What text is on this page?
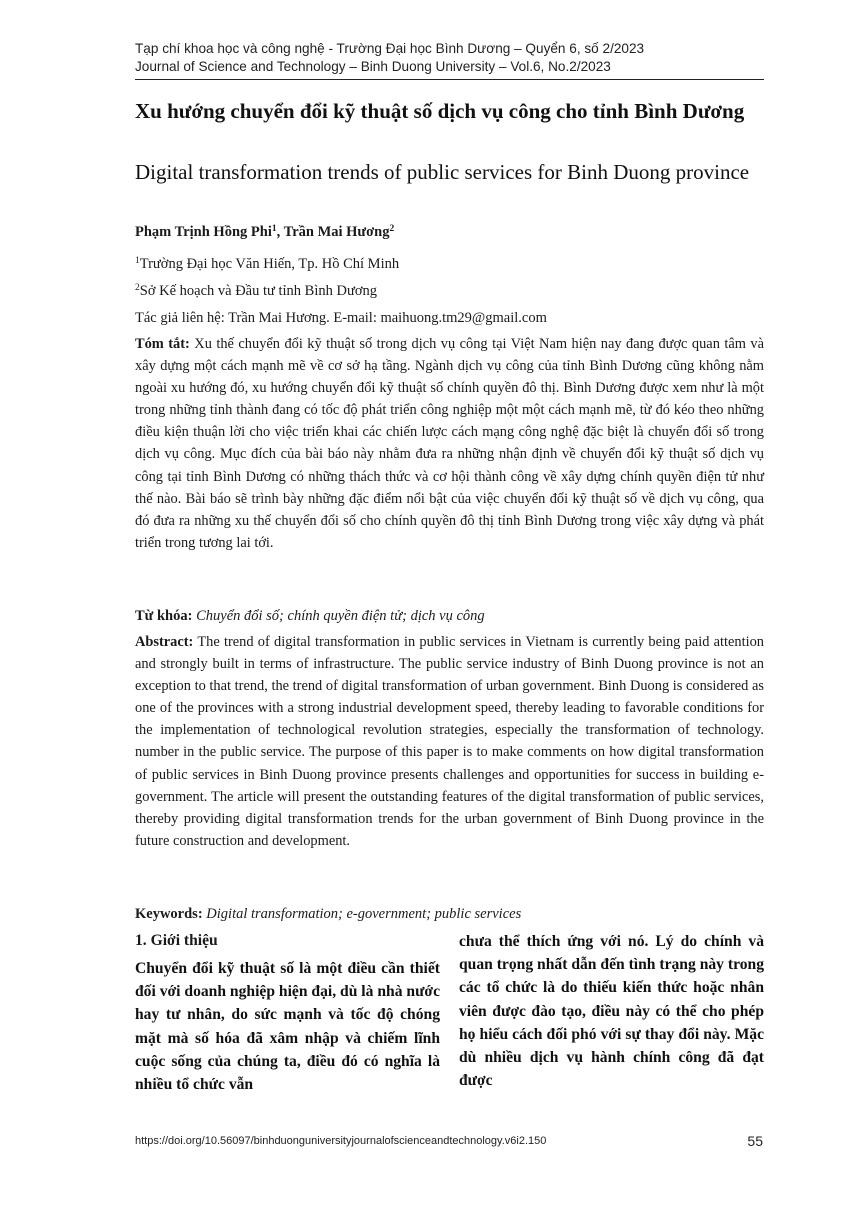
Tạp chí khoa học và công nghệ - Trường Đại học Bình Dương – Quyển 6, số 2/2023
Journal of Science and Technology – Binh Duong University – Vol.6, No.2/2023
Xu hướng chuyển đổi kỹ thuật số dịch vụ công cho tỉnh Bình Dương
Digital transformation trends of public services for Binh Duong province
Phạm Trịnh Hồng Phi$^1$, Trần Mai Hương$^2$
$^1$Trường Đại học Văn Hiến, Tp. Hồ Chí Minh
$^2$Sở Kế hoạch và Đầu tư tỉnh Bình Dương
Tác giả liên hệ: Trần Mai Hương. E-mail: maihuong.tm29@gmail.com
Tóm tắt: Xu thế chuyển đổi kỹ thuật số trong dịch vụ công tại Việt Nam hiện nay đang được quan tâm và xây dựng một cách mạnh mẽ về cơ sở hạ tầng. Ngành dịch vụ công của tỉnh Bình Dương cũng không nằm ngoài xu hướng đó, xu hướng chuyển đổi kỹ thuật số chính quyền đô thị. Bình Dương được xem như là một trong những tỉnh thành đang có tốc độ phát triển công nghiệp một một cách mạnh mẽ, từ đó kéo theo những điều kiện thuận lời cho việc triển khai các chiến lược cách mạng công nghệ đặc biệt là chuyển đổi số trong dịch vụ công. Mục đích của bài báo này nhằm đưa ra những nhận định về chuyển đổi kỹ thuật số dịch vụ công tại tỉnh Bình Dương có những thách thức và cơ hội thành công về xây dựng chính quyền điện tử như thế nào. Bài báo sẽ trình bày những đặc điểm nổi bật của việc chuyển đổi kỹ thuật số về dịch vụ công, qua đó đưa ra những xu thế chuyển đổi số cho chính quyền đô thị tỉnh Bình Dương trong việc xây dựng và phát triển trong tương lai tới.
Từ khóa: Chuyển đổi số; chính quyền điện tử; dịch vụ công
Abstract: The trend of digital transformation in public services in Vietnam is currently being paid attention and strongly built in terms of infrastructure. The public service industry of Binh Duong province is not an exception to that trend, the trend of digital transformation of urban government. Binh Duong is considered as one of the provinces with a strong industrial development speed, thereby leading to favorable conditions for the implementation of technological revolution strategies, especially the transformation of technology. number in the public service. The purpose of this paper is to make comments on how digital transformation of public services in Binh Duong province presents challenges and opportunities for success in building e-government. The article will present the outstanding features of the digital transformation of public services, thereby providing digital transformation trends for the urban government of Binh Duong province in the future construction and development.
Keywords: Digital transformation; e-government; public services
1. Giới thiệu
Chuyển đổi kỹ thuật số là một điều cần thiết đối với doanh nghiệp hiện đại, dù là nhà nước hay tư nhân, do sức mạnh và tốc độ chóng mặt mà số hóa đã xâm nhập và chiếm lĩnh cuộc sống của chúng ta, điều đó có nghĩa là nhiều tổ chức vẫn
chưa thể thích ứng với nó. Lý do chính và quan trọng nhất dẫn đến tình trạng này trong các tổ chức là do thiếu kiến thức hoặc nhân viên được đào tạo, điều này có thể cho phép họ hiểu cách đối phó với sự thay đổi này. Mặc dù nhiều dịch vụ hành chính công đã đạt được
https://doi.org/10.56097/binhduonguniversityjournalofscienceandtechnology.v6i2.150	55
